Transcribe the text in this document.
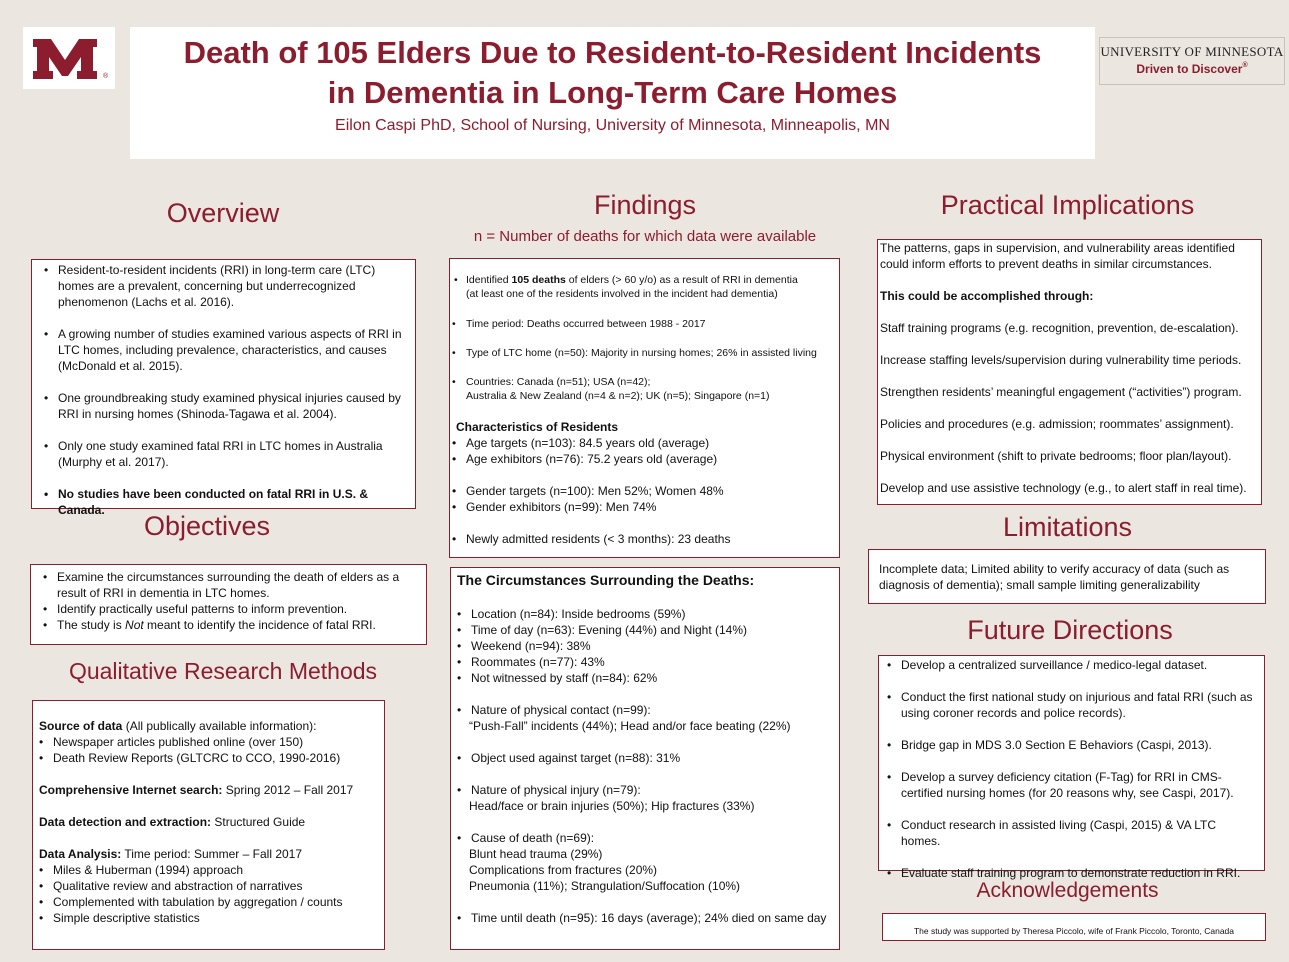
®
Death of 105 Elders Due to Resident-to-Resident Incidents
in Dementia in Long-Term Care Homes
Eilon Caspi PhD, School of Nursing, University of Minnesota, Minneapolis, MN
UNIVERSITY OF MINNESOTA
Driven to Discover®
Overview
• Resident-to-resident incidents (RRI) in long-term care (LTC) homes are a prevalent, concerning but underrecognized phenomenon (Lachs et al. 2016).
• A growing number of studies examined various aspects of RRI in LTC homes, including prevalence, characteristics, and causes (McDonald et al. 2015).
• One groundbreaking study examined physical injuries caused by RRI in nursing homes (Shinoda-Tagawa et al. 2004).
• Only one study examined fatal RRI in LTC homes in Australia (Murphy et al. 2017).
• No studies have been conducted on fatal RRI in U.S. & Canada.
Objectives
• Examine the circumstances surrounding the death of elders as a result of RRI in dementia in LTC homes.
• Identify practically useful patterns to inform prevention.
• The study is Not meant to identify the incidence of fatal RRI.
Qualitative Research Methods
Source of data (All publically available information):
• Newspaper articles published online (over 150)
• Death Review Reports (GLTCRC to CCO, 1990-2016)
Comprehensive Internet search: Spring 2012 – Fall 2017
Data detection and extraction: Structured Guide
Data Analysis: Time period: Summer – Fall 2017
• Miles & Huberman (1994) approach
• Qualitative review and abstraction of narratives
• Complemented with tabulation by aggregation / counts
• Simple descriptive statistics
Findings
n = Number of deaths for which data were available
• Identified 105 deaths of elders (> 60 y/o) as a result of RRI in dementia
(at least one of the residents involved in the incident had dementia)
• Time period: Deaths occurred between 1988 - 2017
• Type of LTC home (n=50): Majority in nursing homes; 26% in assisted living
• Countries: Canada (n=51); USA (n=42);
Australia & New Zealand (n=4 & n=2); UK (n=5); Singapore (n=1)
Characteristics of Residents
• Age targets (n=103): 84.5 years old (average)
• Age exhibitors (n=76): 75.2 years old (average)
• Gender targets (n=100): Men 52%; Women 48%
• Gender exhibitors (n=99): Men 74%
• Newly admitted residents (< 3 months): 23 deaths
The Circumstances Surrounding the Deaths:
• Location (n=84): Inside bedrooms (59%)
• Time of day (n=63): Evening (44%) and Night (14%)
• Weekend (n=94): 38%
• Roommates (n=77): 43%
• Not witnessed by staff (n=84): 62%
• Nature of physical contact (n=99):
“Push-Fall” incidents (44%); Head and/or face beating (22%)
• Object used against target (n=88): 31%
• Nature of physical injury (n=79):
Head/face or brain injuries (50%); Hip fractures (33%)
• Cause of death (n=69):
Blunt head trauma (29%)
Complications from fractures (20%)
Pneumonia (11%); Strangulation/Suffocation (10%)
• Time until death (n=95): 16 days (average); 24% died on same day
Practical Implications
The patterns, gaps in supervision, and vulnerability areas identified could inform efforts to prevent deaths in similar circumstances.
This could be accomplished through:
Staff training programs (e.g. recognition, prevention, de-escalation).
Increase staffing levels/supervision during vulnerability time periods.
Strengthen residents’ meaningful engagement (“activities”) program.
Policies and procedures (e.g. admission; roommates’ assignment).
Physical environment (shift to private bedrooms; floor plan/layout).
Develop and use assistive technology (e.g., to alert staff in real time).
Limitations
Incomplete data; Limited ability to verify accuracy of data (such as diagnosis of dementia); small sample limiting generalizability
Future Directions
• Develop a centralized surveillance / medico-legal dataset.
• Conduct the first national study on injurious and fatal RRI (such as using coroner records and police records).
• Bridge gap in MDS 3.0 Section E Behaviors (Caspi, 2013).
• Develop a survey deficiency citation (F-Tag) for RRI in CMS-certified nursing homes (for 20 reasons why, see Caspi, 2017).
• Conduct research in assisted living (Caspi, 2015) & VA LTC homes.
• Evaluate staff training program to demonstrate reduction in RRI.
Acknowledgements
The study was supported by Theresa Piccolo, wife of Frank Piccolo, Toronto, Canada
